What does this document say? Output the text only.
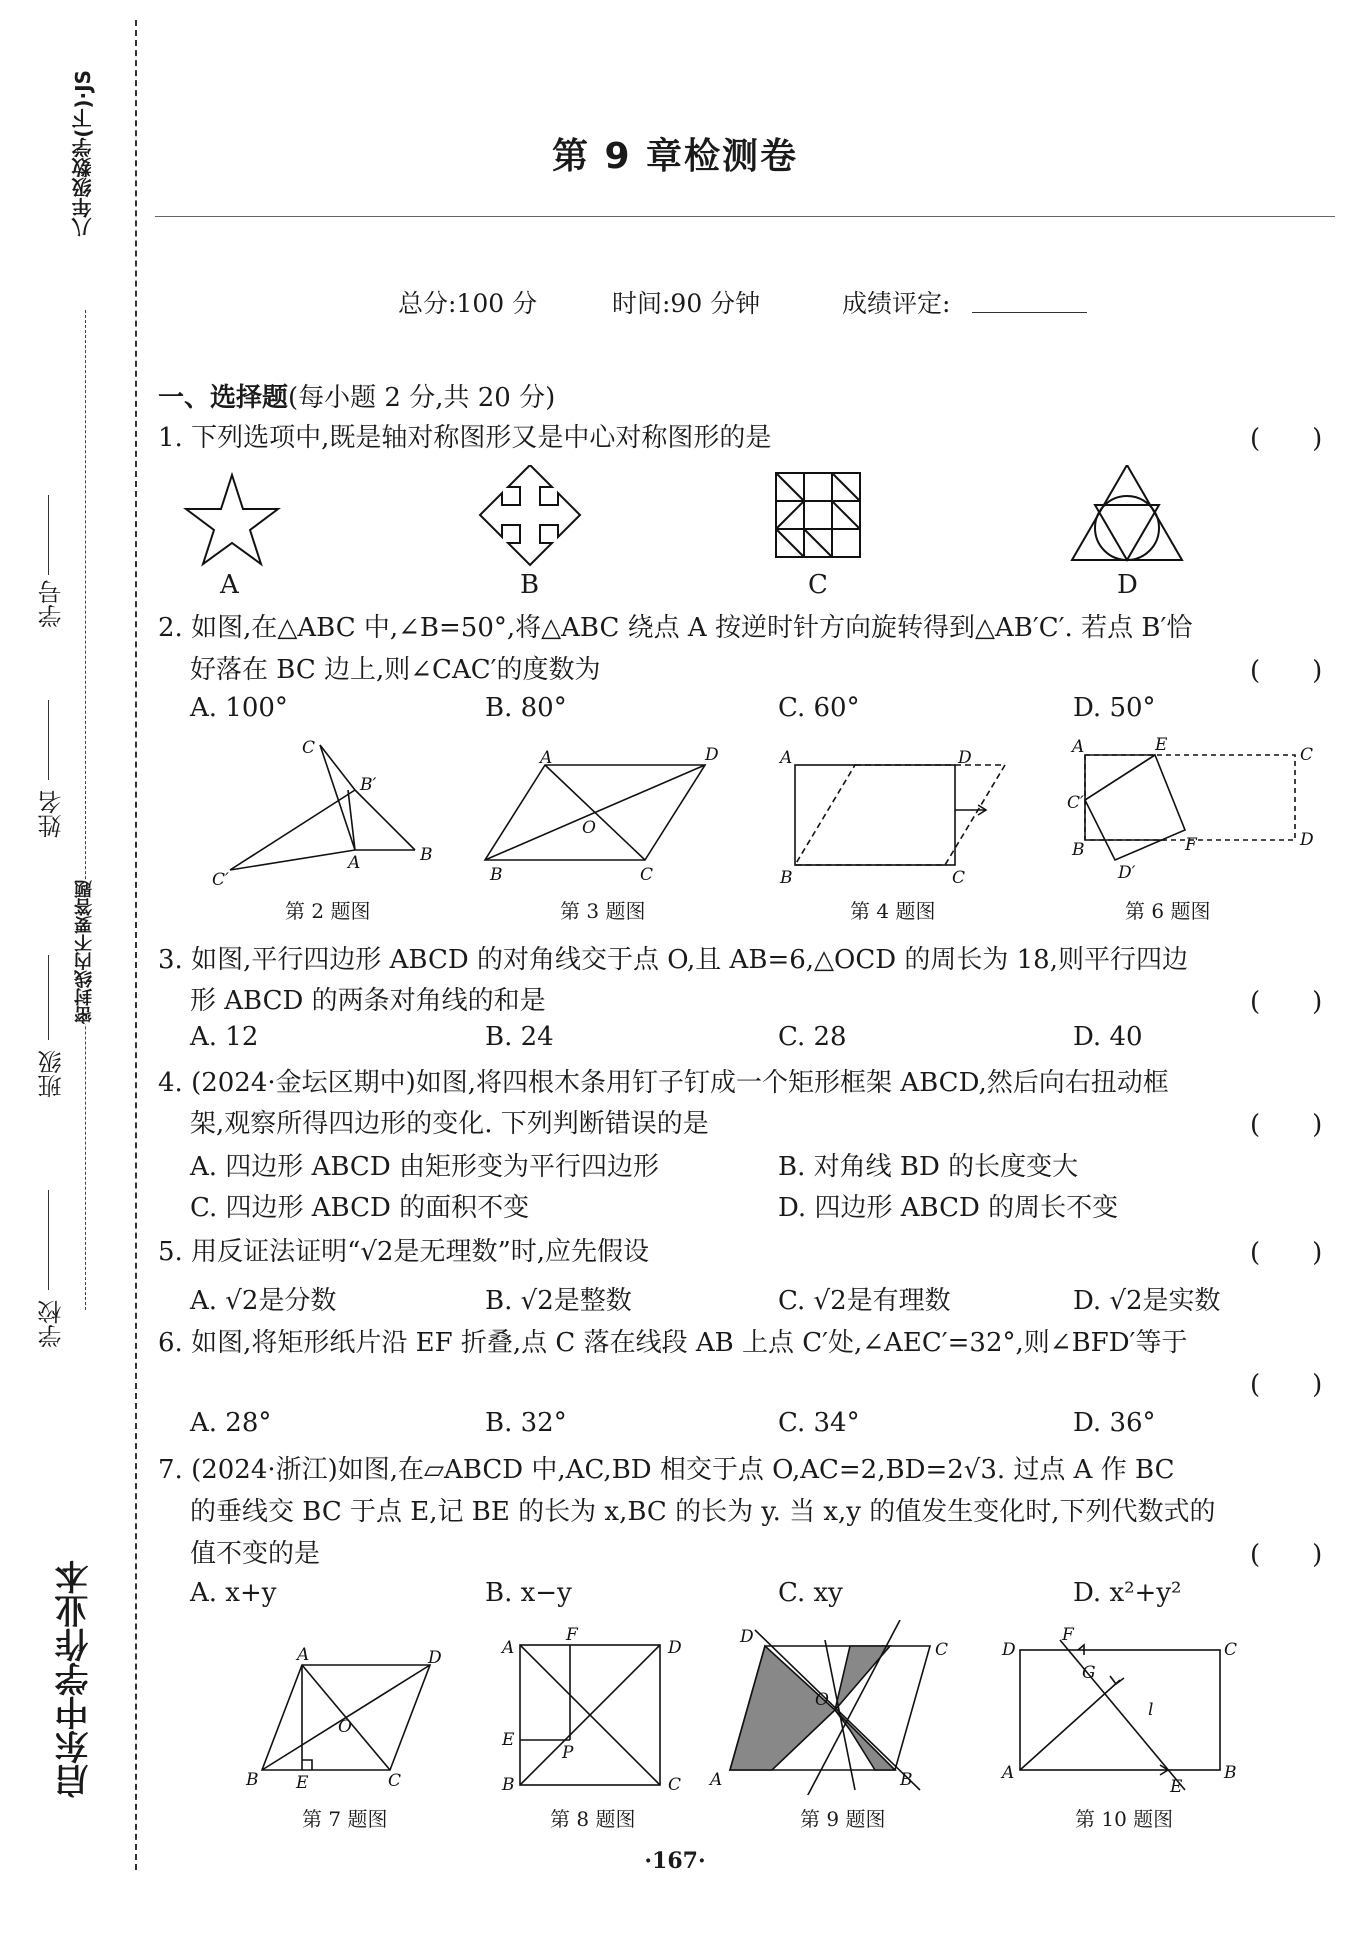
八年级数学(下)·JS
密封线内不要答题
学号
姓名
班级
学校
启东中学作业本
第 9 章检测卷
总分:100 分	时间:90 分钟	成绩评定:
一、选择题(每小题 2 分,共 20 分)
1. 下列选项中,既是轴对称图形又是中心对称图形的是	(　　)
A	B	C	D
2. 如图,在△ABC 中,∠B=50°,将△ABC 绕点 A 按逆时针方向旋转得到△AB′C′. 若点 B′恰
好落在 BC 边上,则∠CAC′的度数为	(　　)
A. 100°	B. 80°	C. 60°	D. 50°
C
B′
B
C′
A
A	D
O
B	C
A	D
B	C
A	E	C
C′
B	F	D
D′
第 2 题图	第 3 题图	第 4 题图	第 6 题图
3. 如图,平行四边形 ABCD 的对角线交于点 O,且 AB=6,△OCD 的周长为 18,则平行四边
形 ABCD 的两条对角线的和是	(　　)
A. 12	B. 24	C. 28	D. 40
4. (2024·金坛区期中)如图,将四根木条用钉子钉成一个矩形框架 ABCD,然后向右扭动框
架,观察所得四边形的变化. 下列判断错误的是	(　　)
A. 四边形 ABCD 由矩形变为平行四边形	B. 对角线 BD 的长度变大
C. 四边形 ABCD 的面积不变	D. 四边形 ABCD 的周长不变
5. 用反证法证明“√2是无理数”时,应先假设	(　　)
A. √2是分数	B. √2是整数	C. √2是有理数	D. √2是实数
6. 如图,将矩形纸片沿 EF 折叠,点 C 落在线段 AB 上点 C′处,∠AEC′=32°,则∠BFD′等于
(　　)
A. 28°	B. 32°	C. 34°	D. 36°
7. (2024·浙江)如图,在▱ABCD 中,AC,BD 相交于点 O,AC=2,BD=2√3. 过点 A 作 BC
的垂线交 BC 于点 E,记 BE 的长为 x,BC 的长为 y. 当 x,y 的值发生变化时,下列代数式的
值不变的是	(　　)
A. x+y	B. x−y	C. xy	D. x²+y²
A	D
O
B E	C
A
F
D
E
P
B	C
D
O
C
A	B
D
F
C
G
l
A
E
B
第 7 题图	第 8 题图	第 9 题图	第 10 题图
·167·
